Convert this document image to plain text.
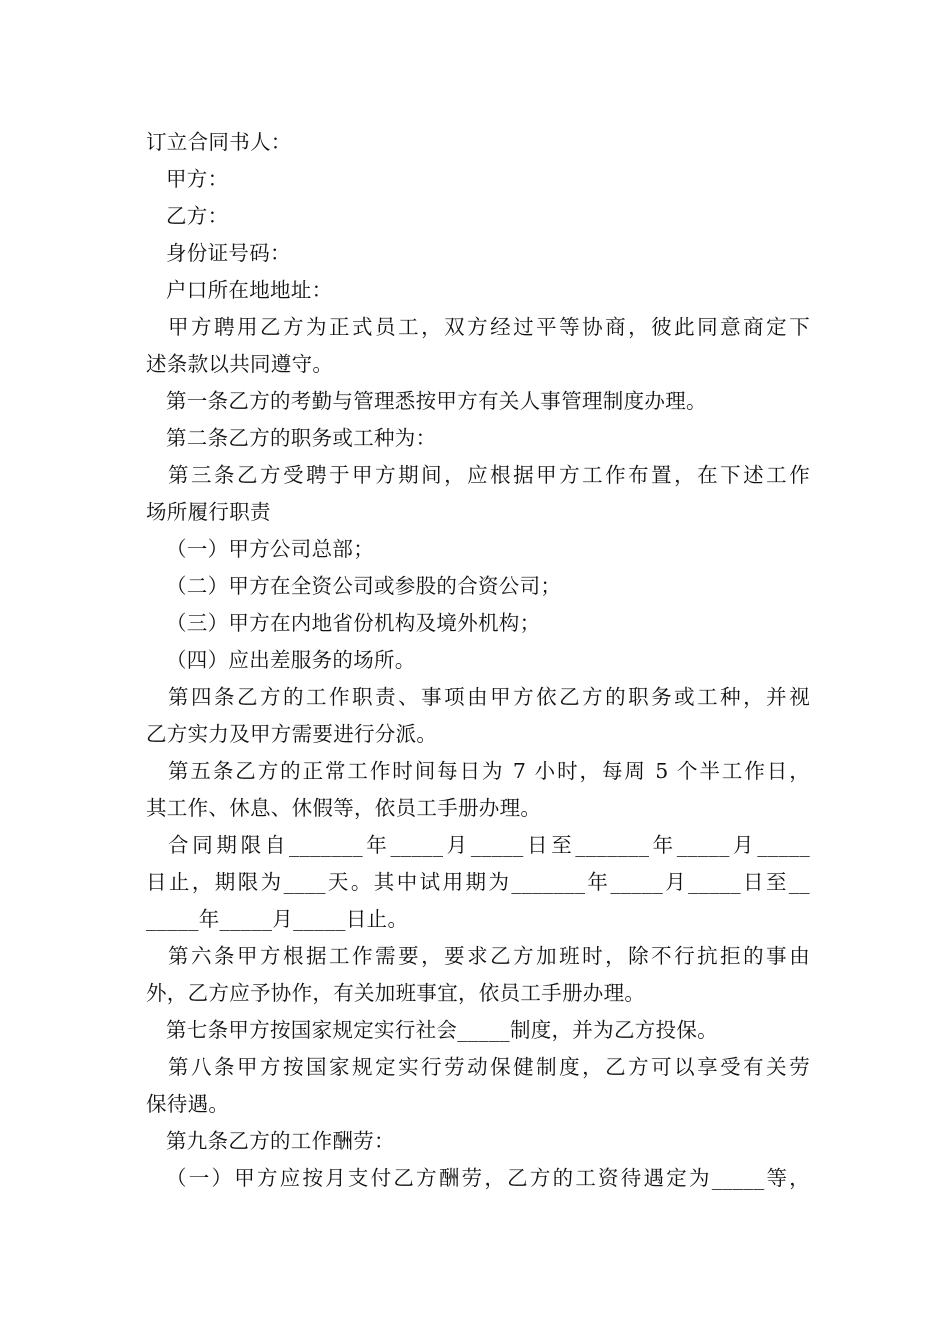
订立合同书人：

甲方：

乙方：

身份证号码：

户口所在地地址：

甲方聘用乙方为正式员工，双方经过平等协商，彼此同意商定下

述条款以共同遵守。

第一条乙方的考勤与管理悉按甲方有关人事管理制度办理。

第二条乙方的职务或工种为：

第三条乙方受聘于甲方期间，应根据甲方工作布置，在下述工作

场所履行职责

（一）甲方公司总部；

（二）甲方在全资公司或参股的合资公司；

（三）甲方在内地省份机构及境外机构；

（四）应出差服务的场所。

第四条乙方的工作职责、事项由甲方依乙方的职务或工种，并视

乙方实力及甲方需要进行分派。

第五条乙方的正常工作时间每日为 7 小时，每周 5 个半工作日，

其工作、休息、休假等，依员工手册办理。

合同期限自_______年_____月_____日至_______年_____月_____

日止，期限为____天。其中试用期为_______年_____月_____日至__

_____年_____月_____日止。

第六条甲方根据工作需要，要求乙方加班时，除不行抗拒的事由

外，乙方应予协作，有关加班事宜，依员工手册办理。

第七条甲方按国家规定实行社会_____制度，并为乙方投保。

第八条甲方按国家规定实行劳动保健制度，乙方可以享受有关劳

保待遇。

第九条乙方的工作酬劳：

（一）甲方应按月支付乙方酬劳，乙方的工资待遇定为_____等，
